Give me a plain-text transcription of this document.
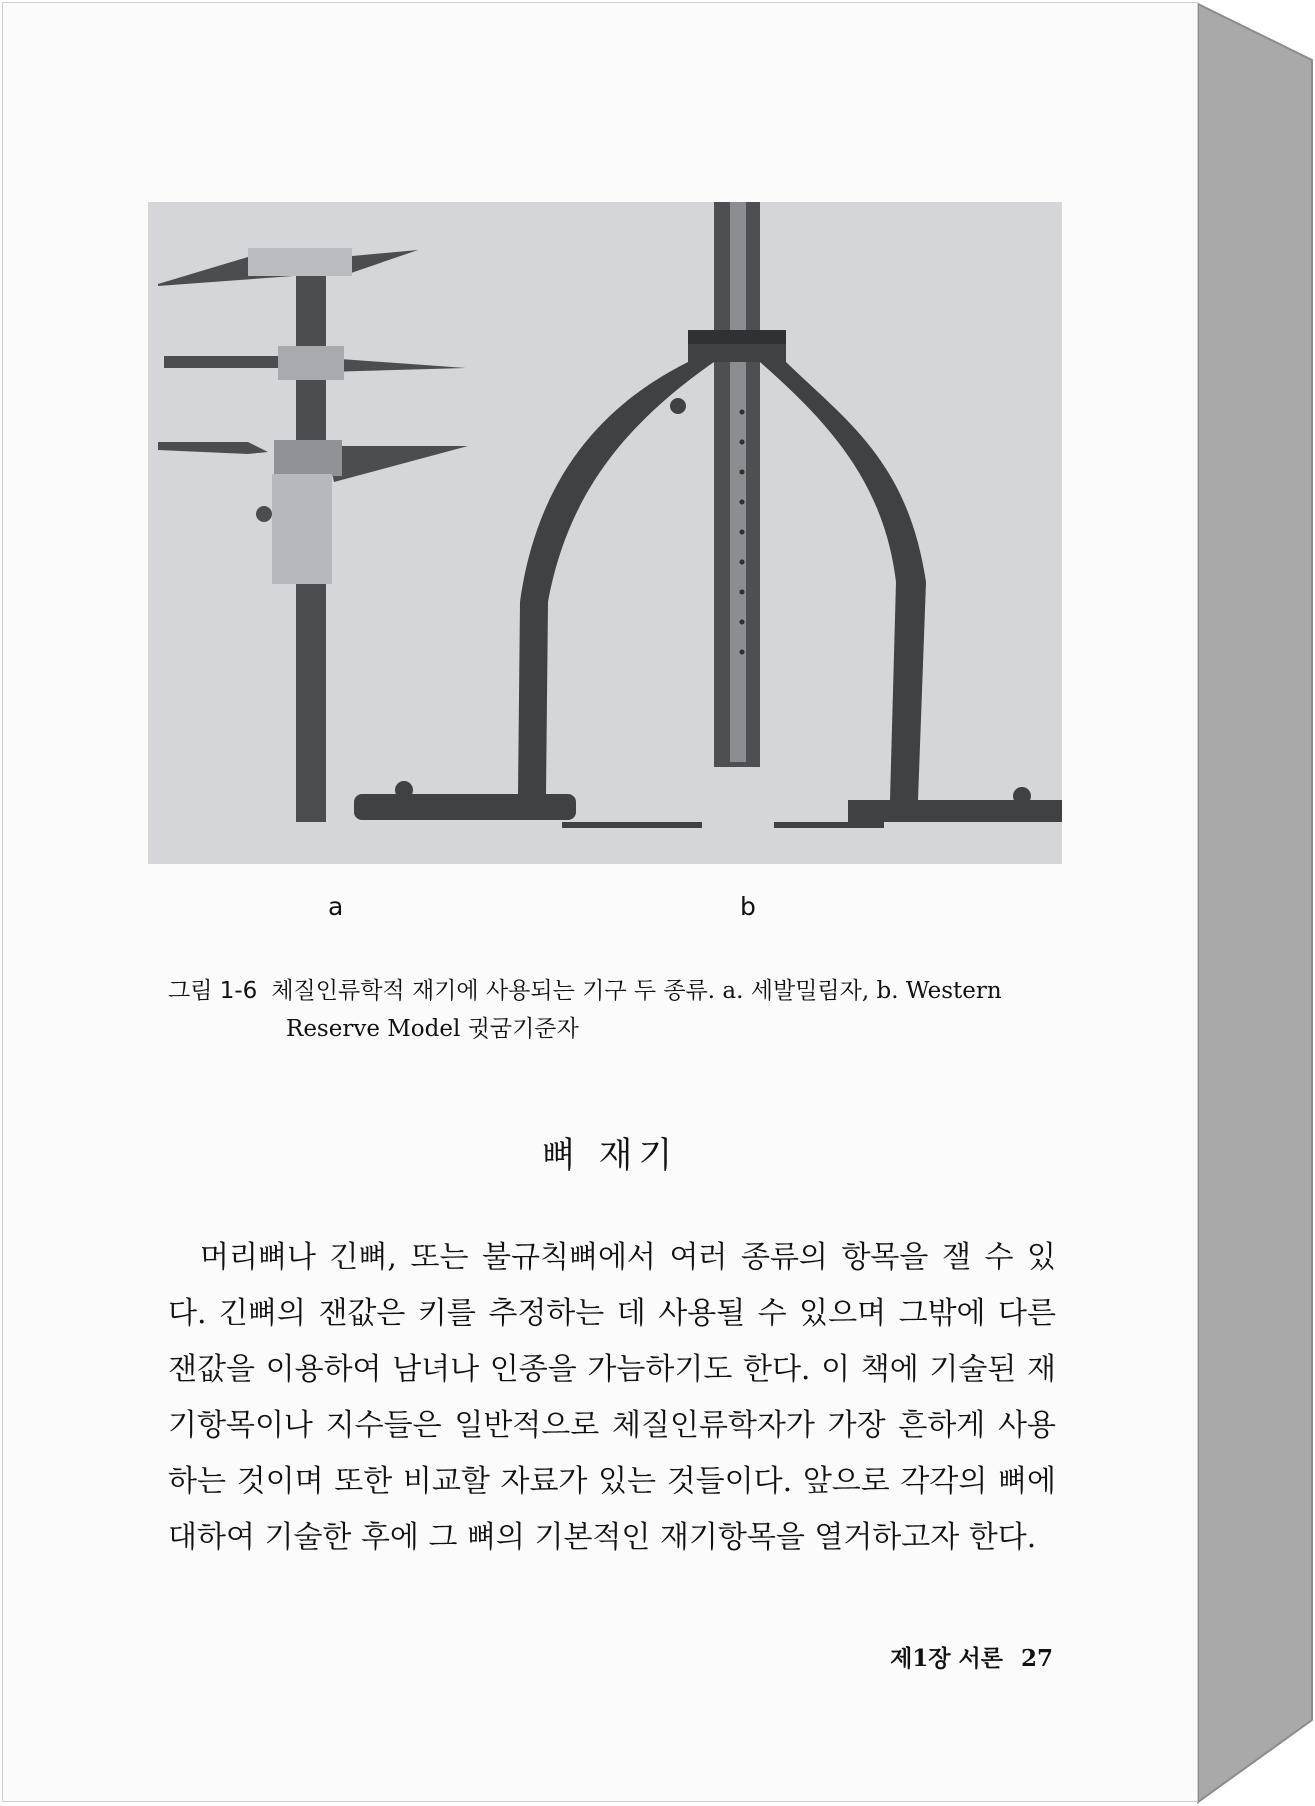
a	b
그림 1-6 체질인류학적 재기에 사용되는 기구 두 종류. a. 세발밀림자, b. Western
Reserve Model 귓굼기준자
뼈 재기
머리뼈나 긴뼈, 또는 불규칙뼈에서 여러 종류의 항목을 잴 수 있다. 긴뼈의 잰값은 키를 추정하는 데 사용될 수 있으며 그밖에 다른 잰값을 이용하여 남녀나 인종을 가늠하기도 한다. 이 책에 기술된 재기항목이나 지수들은 일반적으로 체질인류학자가 가장 흔하게 사용하는 것이며 또한 비교할 자료가 있는 것들이다. 앞으로 각각의 뼈에 대하여 기술한 후에 그 뼈의 기본적인 재기항목을 열거하고자 한다.
제1장 서론 27
